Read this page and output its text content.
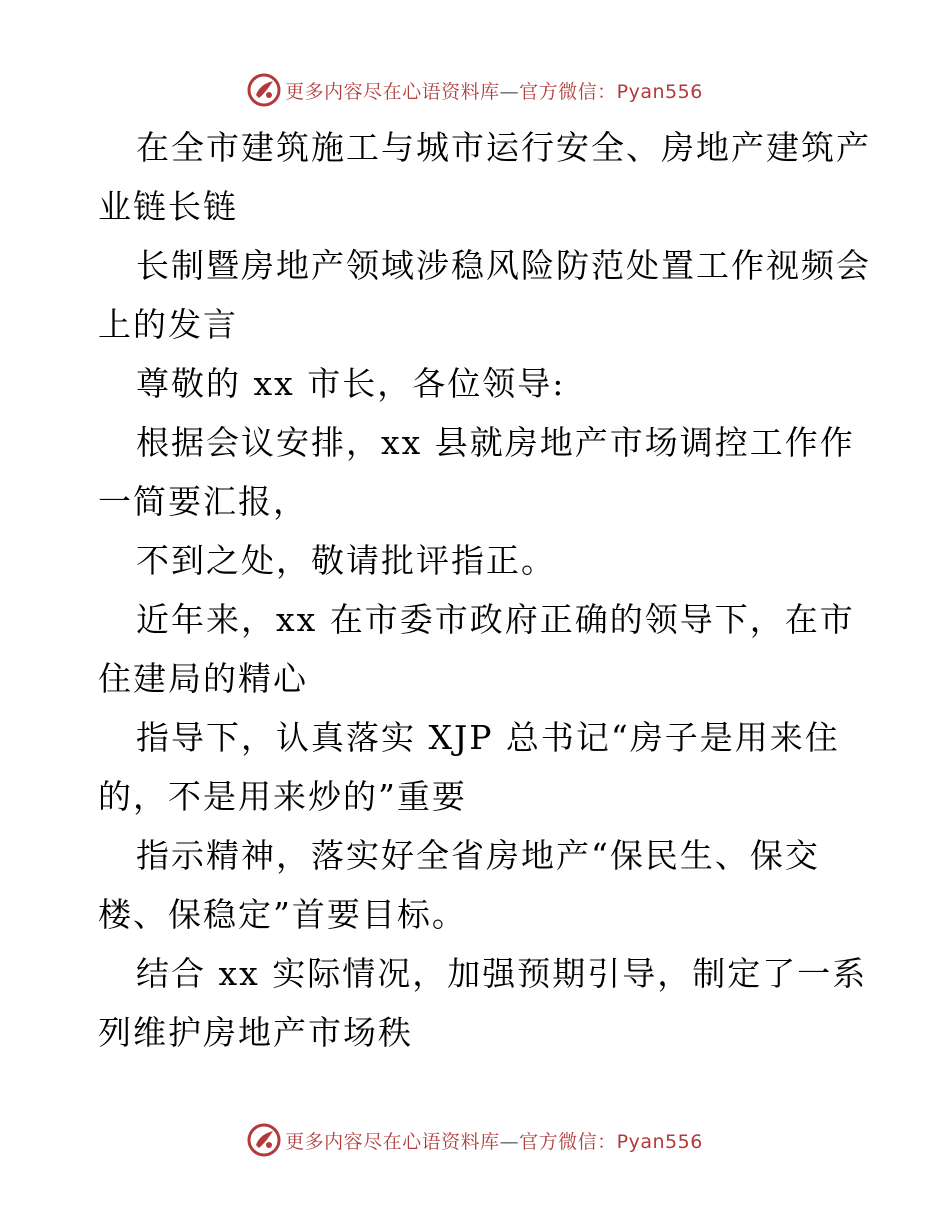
更多内容尽在心语资料库—官方微信：Pyan556
在全市建筑施工与城市运行安全、房地产建筑产
业链长链
长制暨房地产领域涉稳风险防范处置工作视频会
上的发言
尊敬的 xx 市长，各位领导:
根据会议安排，xx 县就房地产市场调控工作作
一简要汇报，
不到之处，敬请批评指正。
近年来，xx 在市委市政府正确的领导下，在市
住建局的精心
指导下，认真落实 XJP 总书记“房子是用来住
的，不是用来炒的”重要
指示精神，落实好全省房地产“保民生、保交
楼、保稳定”首要目标。
结合 xx 实际情况，加强预期引导，制定了一系
列维护房地产市场秩
更多内容尽在心语资料库—官方微信：Pyan556
